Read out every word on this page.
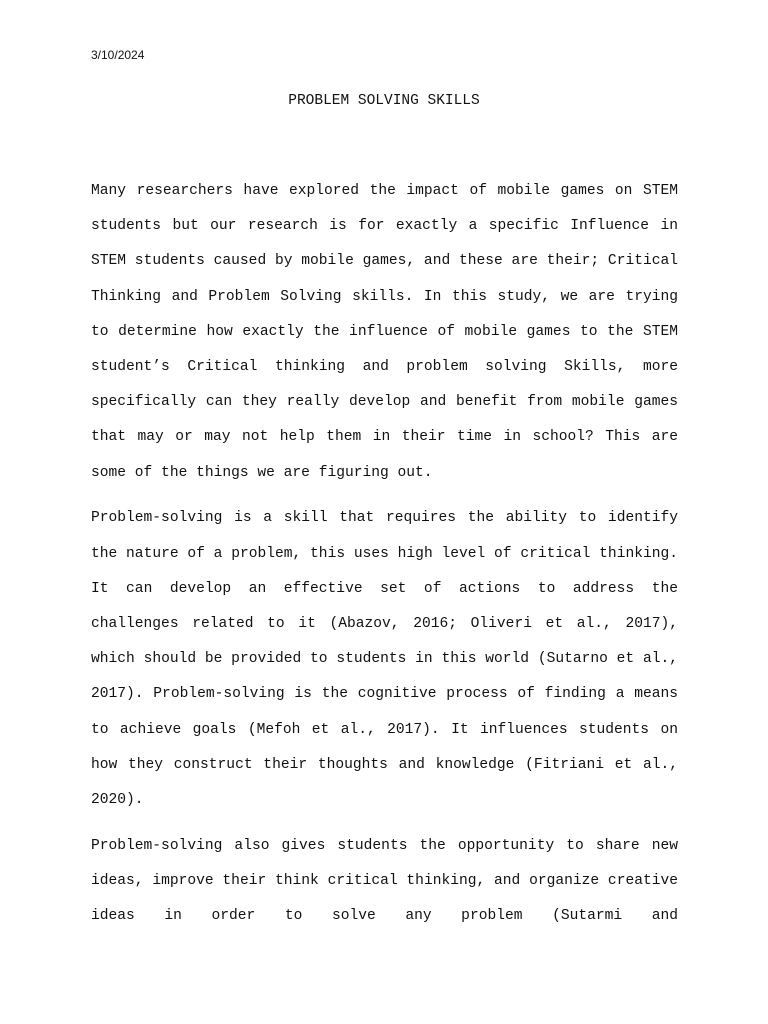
3/10/2024

PROBLEM SOLVING SKILLS

Many researchers have explored the impact of mobile games on STEM students but our research is for exactly a specific Influence in STEM students caused by mobile games, and these are their; Critical Thinking and Problem Solving skills. In this study, we are trying to determine how exactly the influence of mobile games to the STEM student’s Critical thinking and problem solving Skills, more specifically can they really develop and benefit from mobile games that may or may not help them in their time in school? This are some of the things we are figuring out.

Problem-solving is a skill that requires the ability to identify the nature of a problem, this uses high level of critical thinking. It can develop an effective set of actions to address the challenges related to it (Abazov, 2016; Oliveri et al., 2017), which should be provided to students in this world (Sutarno et al., 2017). Problem-solving is the cognitive process of finding a means to achieve goals (Mefoh et al., 2017). It influences students on how they construct their thoughts and knowledge (Fitriani et al., 2020).

Problem-solving also gives students the opportunity to share new ideas, improve their think critical thinking, and organize creative ideas in order to solve any problem (Sutarmi and
